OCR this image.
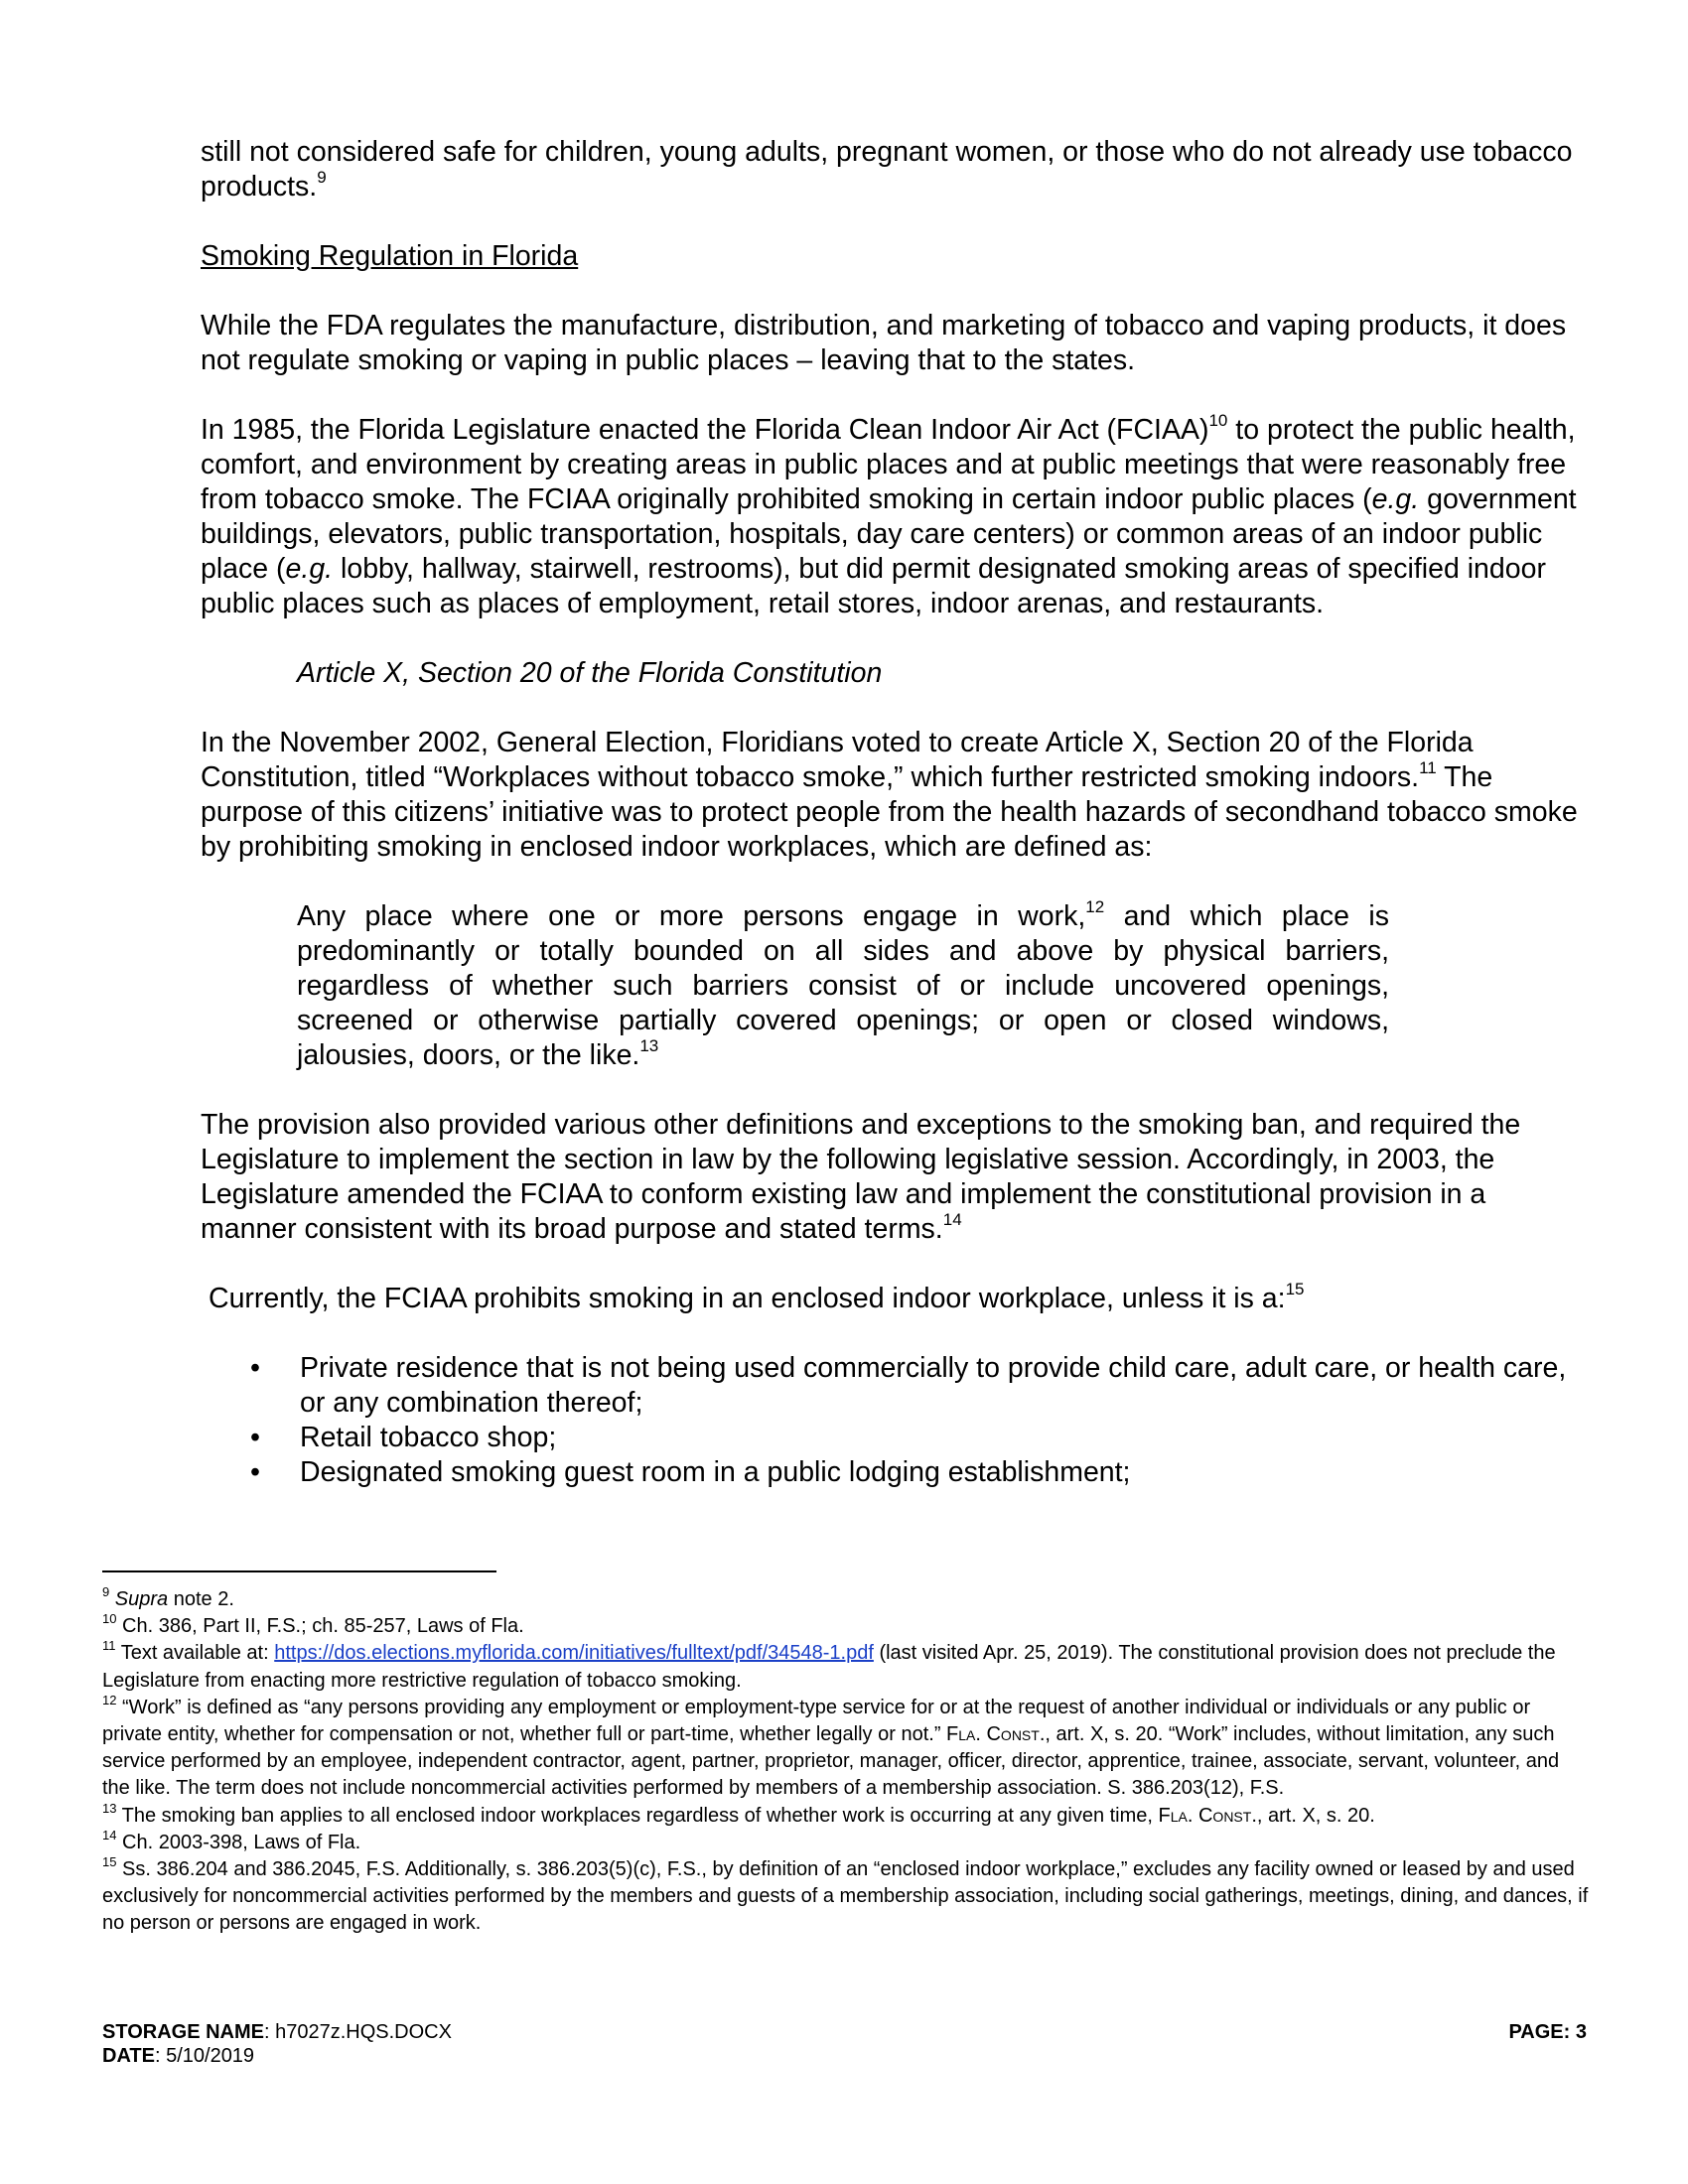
still not considered safe for children, young adults, pregnant women, or those who do not already use tobacco products.$^9$

Smoking Regulation in Florida

While the FDA regulates the manufacture, distribution, and marketing of tobacco and vaping products, it does not regulate smoking or vaping in public places – leaving that to the states.

In 1985, the Florida Legislature enacted the Florida Clean Indoor Air Act (FCIAA)$^{10}$ to protect the public health, comfort, and environment by creating areas in public places and at public meetings that were reasonably free from tobacco smoke. The FCIAA originally prohibited smoking in certain indoor public places (e.g. government buildings, elevators, public transportation, hospitals, day care centers) or common areas of an indoor public place (e.g. lobby, hallway, stairwell, restrooms), but did permit designated smoking areas of specified indoor public places such as places of employment, retail stores, indoor arenas, and restaurants.

Article X, Section 20 of the Florida Constitution

In the November 2002, General Election, Floridians voted to create Article X, Section 20 of the Florida Constitution, titled “Workplaces without tobacco smoke,” which further restricted smoking indoors.$^{11}$ The purpose of this citizens’ initiative was to protect people from the health hazards of secondhand tobacco smoke by prohibiting smoking in enclosed indoor workplaces, which are defined as:

Any place where one or more persons engage in work,$^{12}$ and which place is predominantly or totally bounded on all sides and above by physical barriers, regardless of whether such barriers consist of or include uncovered openings, screened or otherwise partially covered openings; or open or closed windows, jalousies, doors, or the like.$^{13}$

The provision also provided various other definitions and exceptions to the smoking ban, and required the Legislature to implement the section in law by the following legislative session. Accordingly, in 2003, the Legislature amended the FCIAA to conform existing law and implement the constitutional provision in a manner consistent with its broad purpose and stated terms.$^{14}$

Currently, the FCIAA prohibits smoking in an enclosed indoor workplace, unless it is a:$^{15}$

• Private residence that is not being used commercially to provide child care, adult care, or health care, or any combination thereof;
• Retail tobacco shop;
• Designated smoking guest room in a public lodging establishment;

$^9$ Supra note 2.

$^{10}$ Ch. 386, Part II, F.S.; ch. 85-257, Laws of Fla.

$^{11}$ Text available at: https://dos.elections.myflorida.com/initiatives/fulltext/pdf/34548-1.pdf (last visited Apr. 25, 2019). The constitutional provision does not preclude the Legislature from enacting more restrictive regulation of tobacco smoking.

$^{12}$ “Work” is defined as “any persons providing any employment or employment-type service for or at the request of another individual or individuals or any public or private entity, whether for compensation or not, whether full or part-time, whether legally or not.” Fla. Const., art. X, s. 20. “Work” includes, without limitation, any such service performed by an employee, independent contractor, agent, partner, proprietor, manager, officer, director, apprentice, trainee, associate, servant, volunteer, and the like. The term does not include noncommercial activities performed by members of a membership association. S. 386.203(12), F.S.

$^{13}$ The smoking ban applies to all enclosed indoor workplaces regardless of whether work is occurring at any given time, Fla. Const., art. X, s. 20.

$^{14}$ Ch. 2003-398, Laws of Fla.

$^{15}$ Ss. 386.204 and 386.2045, F.S. Additionally, s. 386.203(5)(c), F.S., by definition of an “enclosed indoor workplace,” excludes any facility owned or leased by and used exclusively for noncommercial activities performed by the members and guests of a membership association, including social gatherings, meetings, dining, and dances, if no person or persons are engaged in work.

STORAGE NAME: h7027z.HQS.DOCX	PAGE: 3
DATE: 5/10/2019
